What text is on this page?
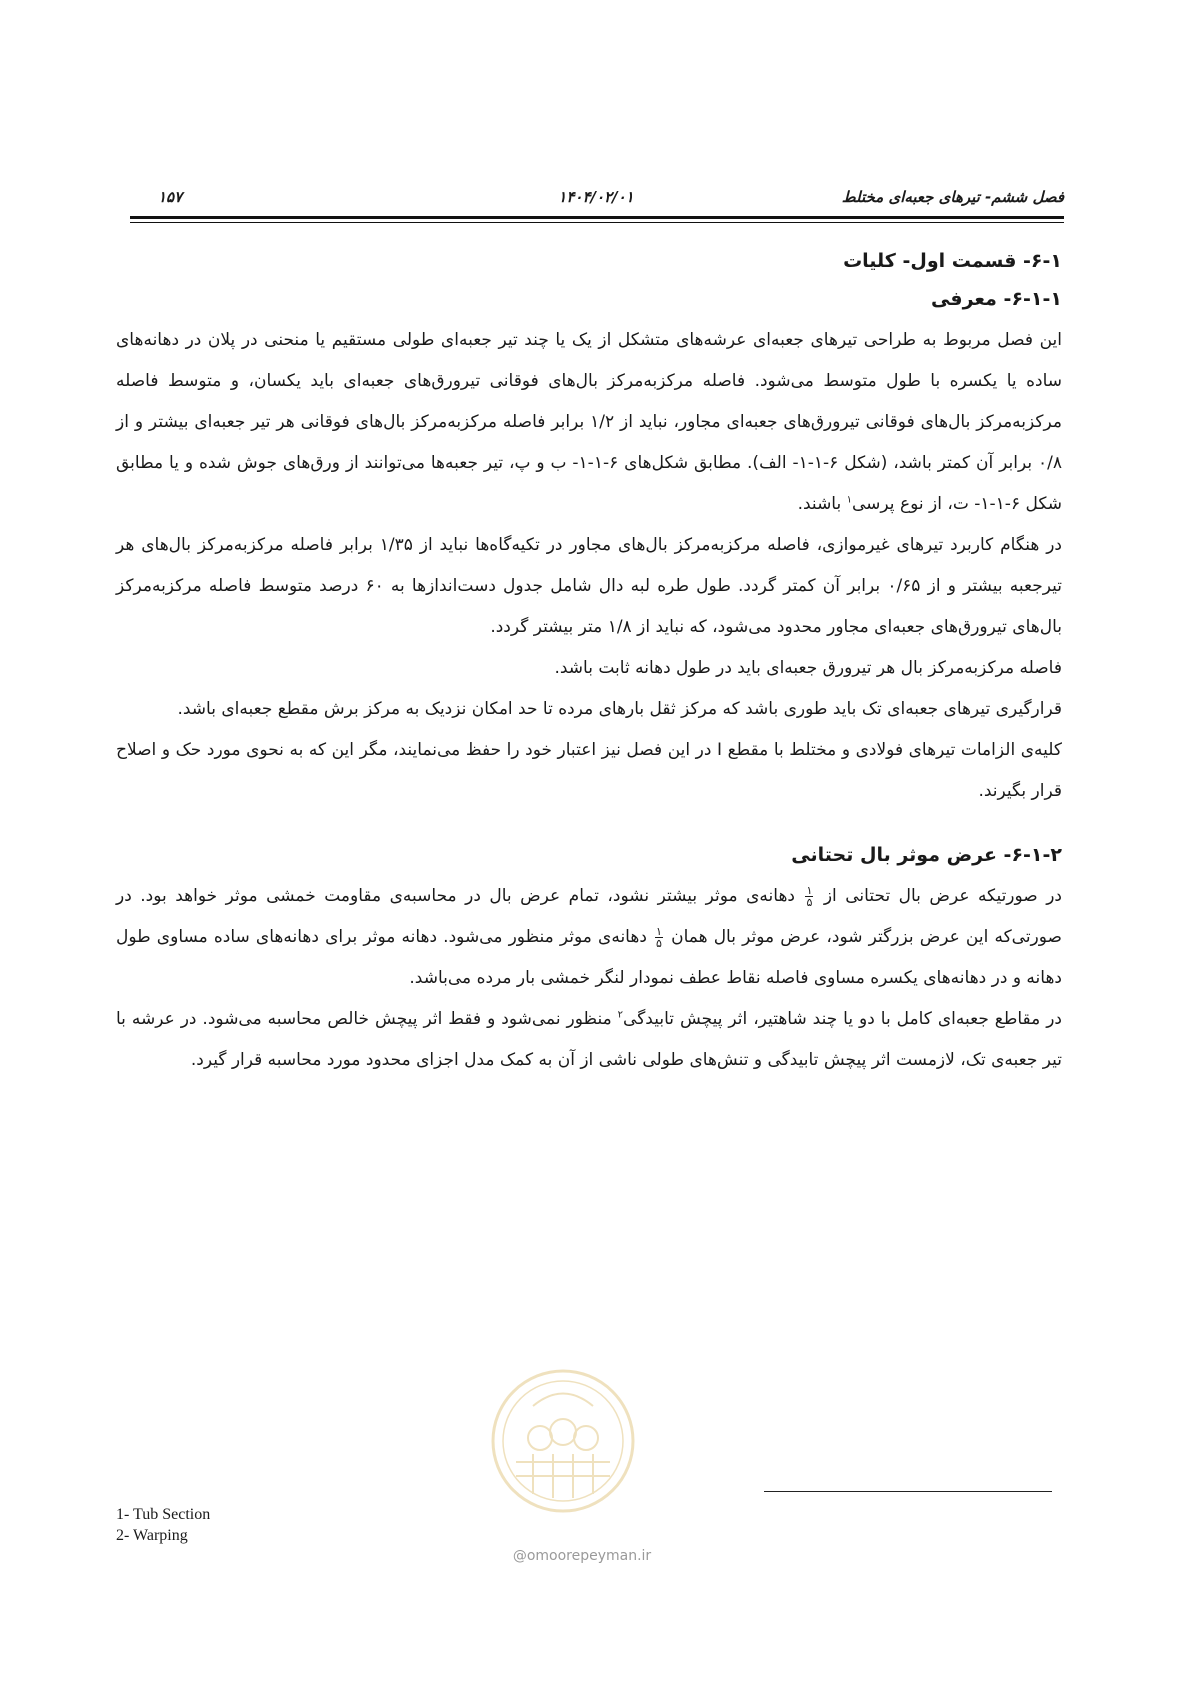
فصل ششم- تیرهای جعبه‌ای مختلط
۱۴۰۴/۰۲/۰۱
۱۵۷
۶-۱- قسمت اول- کلیات
۶-۱-۱- معرفی

این فصل مربوط به طراحی تیرهای جعبه‌ای عرشه‌های متشکل از یک یا چند تیر جعبه‌ای طولی مستقیم یا منحنی در پلان در دهانه‌های ساده یا یکسره با طول متوسط می‌شود. فاصله مرکزبه‌مرکز بال‌های فوقانی تیرورق‌های جعبه‌ای باید یکسان، و متوسط فاصله مرکزبه‌مرکز بال‌های فوقانی تیرورق‌های جعبه‌ای مجاور، نباید از ۱/۲ برابر فاصله مرکزبه‌مرکز بال‌های فوقانی هر تیر جعبه‌ای بیشتر و از ۰/۸ برابر آن کمتر باشد، (شکل ۶-۱-۱- الف). مطابق شکل‌های ۶-۱-۱- ب و پ، تیر جعبه‌ها می‌توانند از ورق‌های جوش شده و یا مطابق شکل ۶-۱-۱- ت، از نوع پرسی$^۱$ باشند.

در هنگام کاربرد تیرهای غیرموازی، فاصله مرکزبه‌مرکز بال‌های مجاور در تکیه‌گاه‌ها نباید از ۱/۳۵ برابر فاصله مرکزبه‌مرکز بال‌های هر تیرجعبه بیشتر و از ۰/۶۵ برابر آن کمتر گردد. طول طره لبه دال شامل جدول دست‌اندازها به ۶۰ درصد متوسط فاصله مرکزبه‌مرکز بال‌های تیرورق‌های جعبه‌ای مجاور محدود می‌شود، که نباید از ۱/۸ متر بیشتر گردد.

فاصله مرکزبه‌مرکز بال هر تیرورق جعبه‌ای باید در طول دهانه ثابت باشد.

قرارگیری تیرهای جعبه‌ای تک باید طوری باشد که مرکز ثقل بارهای مرده تا حد امکان نزدیک به مرکز برش مقطع جعبه‌ای باشد.

کلیه‌ی الزامات تیرهای فولادی و مختلط با مقطع I در این فصل نیز اعتبار خود را حفظ می‌نمایند، مگر این که به نحوی مورد حک و اصلاح قرار بگیرند.

۶-۱-۲- عرض موثر بال تحتانی

در صورتیکه عرض بال تحتانی از
$\frac{۱}{۵}$
دهانه‌ی موثر بیشتر نشود، تمام عرض بال در محاسبه‌ی مقاومت خمشی موثر خواهد بود. در صورتی‌که این عرض بزرگتر شود، عرض موثر بال همان
$\frac{۱}{۵}$
دهانه‌ی موثر منظور می‌شود. دهانه موثر برای دهانه‌های ساده مساوی طول دهانه و در دهانه‌های یکسره مساوی فاصله نقاط عطف نمودار لنگر خمشی بار مرده می‌باشد.

در مقاطع جعبه‌ای کامل با دو یا چند شاهتیر، اثر پیچش تابیدگی$^۲$ منظور نمی‌شود و فقط اثر پیچش خالص محاسبه می‌شود. در عرشه با تیر جعبه‌ی تک، لازمست اثر پیچش تابیدگی و تنش‌های طولی ناشی از آن به کمک مدل اجزای محدود مورد محاسبه قرار گیرد.

@omoorepeyman.ir
1- Tub Section
2- Warping
